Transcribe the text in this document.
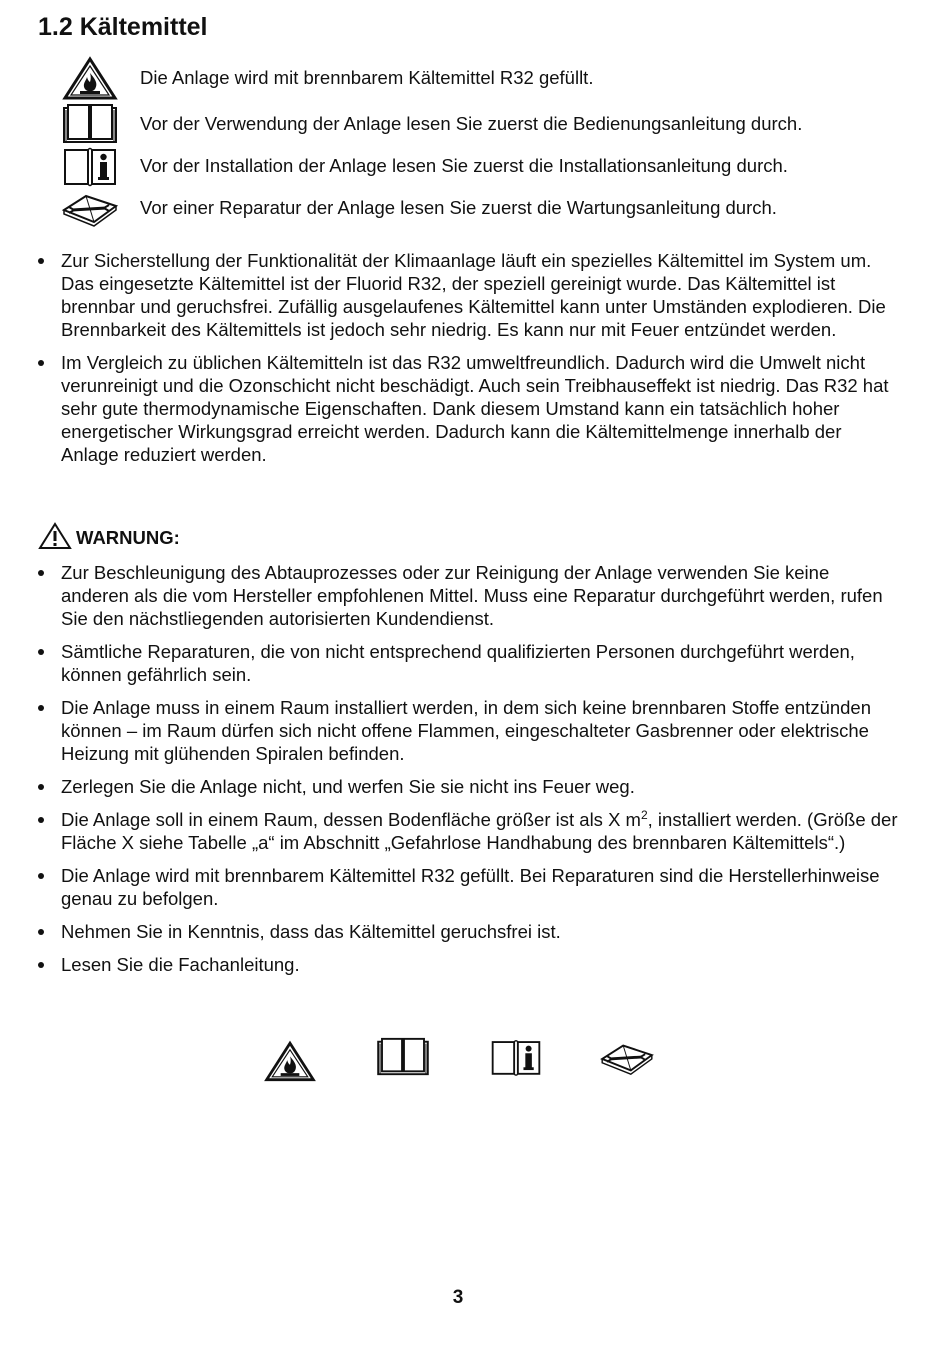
1.2 Kältemittel
Die Anlage wird mit brennbarem Kältemittel R32 gefüllt.
Vor der Verwendung der Anlage lesen Sie zuerst die Bedienungsanleitung durch.
Vor der Installation der Anlage lesen Sie zuerst die Installationsanleitung durch.
Vor einer Reparatur der Anlage lesen Sie zuerst die Wartungsanleitung durch.
Zur Sicherstellung der Funktionalität der Klimaanlage läuft ein spezielles Kältemittel im System um. Das eingesetzte Kältemittel ist der Fluorid R32, der speziell gereinigt wurde. Das Kältemittel ist brennbar und geruchsfrei. Zufällig ausgelaufenes Kältemittel kann unter Umständen explodieren. Die Brennbarkeit des Kältemittels ist jedoch sehr niedrig. Es kann nur mit Feuer entzündet werden.
Im Vergleich zu üblichen Kältemitteln ist das R32 umweltfreundlich. Dadurch wird die Umwelt nicht verunreinigt und die Ozonschicht nicht beschädigt. Auch sein Treibhauseffekt ist niedrig. Das R32 hat sehr gute thermodynamische Eigenschaften. Dank diesem Umstand kann ein tatsächlich hoher energetischer Wirkungsgrad erreicht werden. Dadurch kann die Kältemittelmenge innerhalb der Anlage reduziert werden.
WARNUNG:
Zur Beschleunigung des Abtauprozesses oder zur Reinigung der Anlage verwenden Sie keine anderen als die vom Hersteller empfohlenen Mittel. Muss eine Reparatur durchgeführt werden, rufen Sie den nächstliegenden autorisierten Kundendienst.
Sämtliche Reparaturen, die von nicht entsprechend qualifizierten Personen durchgeführt werden, können gefährlich sein.
Die Anlage muss in einem Raum installiert werden, in dem sich keine brennbaren Stoffe entzünden können – im Raum dürfen sich nicht offene Flammen, eingeschalteter Gasbrenner oder elektrische Heizung mit glühenden Spiralen befinden.
Zerlegen Sie die Anlage nicht, und werfen Sie sie nicht ins Feuer weg.
Die Anlage soll in einem Raum, dessen Bodenfläche größer ist als X $m^2$, installiert werden. (Größe der Fläche X siehe Tabelle „a“ im Abschnitt „Gefahrlose Handhabung des brennbaren Kältemittels“.)
Die Anlage wird mit brennbarem Kältemittel R32 gefüllt. Bei Reparaturen sind die Herstellerhinweise genau zu befolgen.
Nehmen Sie in Kenntnis, dass das Kältemittel geruchsfrei ist.
Lesen Sie die Fachanleitung.
3
